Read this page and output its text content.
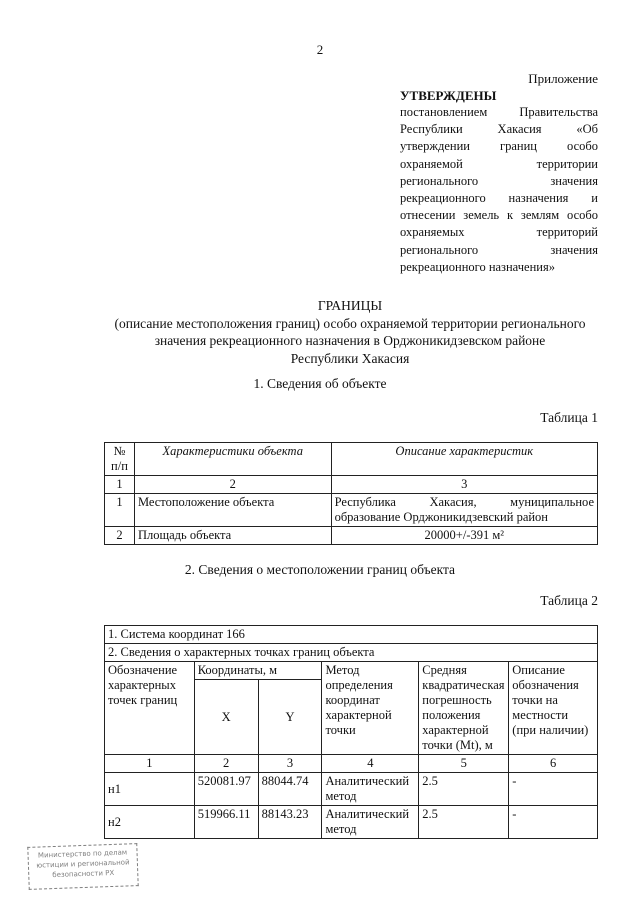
2
Приложение
УТВЕРЖДЕНЫ
постановлением Правительства Республики Хакасия «Об утверждении границ особо охраняемой территории регионального значения рекреационного назначения и отнесении земель к землям особо охраняемых территорий регионального значения рекреационного назначения»
ГРАНИЦЫ
(описание местоположения границ) особо охраняемой территории регионального
значения рекреационного назначения в Орджоникидзевском районе
Республики Хакасия
1. Сведения об объекте
Таблица 1
№ п/п	Характеристики объекта	Описание характеристик
1	2	3
1	Местоположение объекта	Республика Хакасия, муниципальное образование Орджоникидзевский район
2	Площадь объекта	20000+/-391 м²
2. Сведения о местоположении границ объекта
Таблица 2
1. Система координат 166					
2. Сведения о характерных точках границ объекта					
Обозначение характерных точек границ	Координаты, м		Метод определения координат характерной точки	Средняя квадратическая погрешность положения характерной точки (Mt), м	Описание обозначения точки на местности (при наличии)
	X	Y			
1	2	3	4	5	6
н1	520081.97	88044.74	Аналитический метод	2.5	-
н2	519966.11	88143.23	Аналитический метод	2.5	-
Министерство по делам
юстиции и региональной
безопасности РХ
